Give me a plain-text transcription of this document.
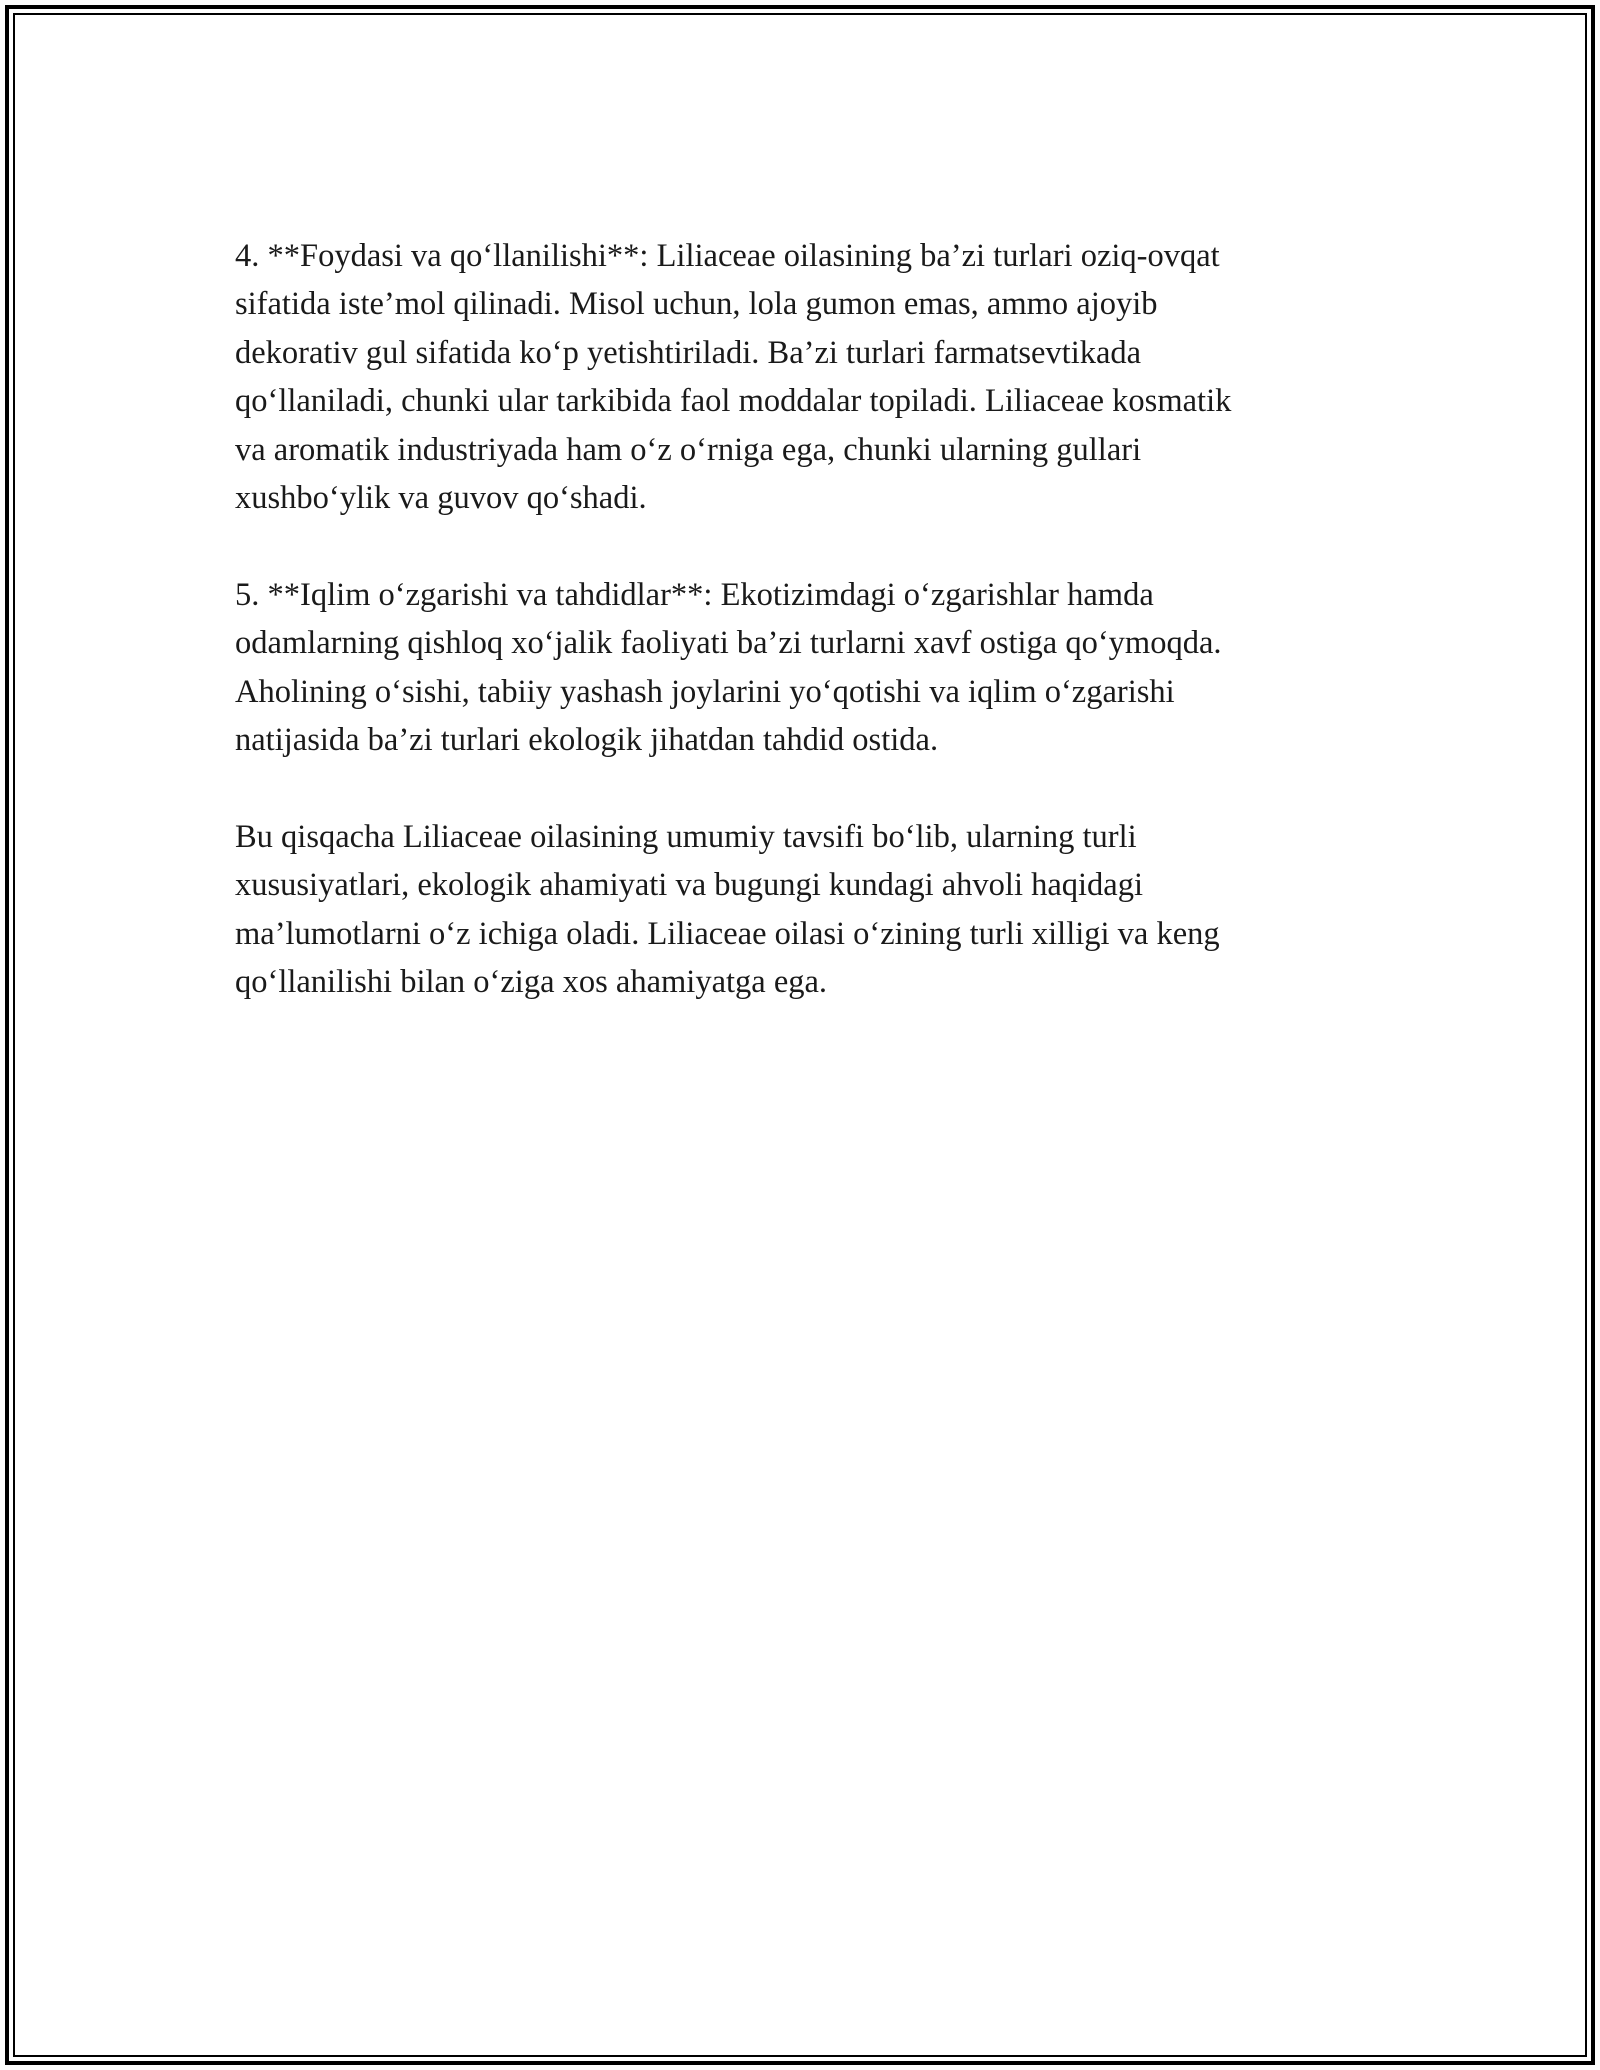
4. **Foydasi va qo‘llanilishi**: Liliaceae oilasining ba’zi turlari oziq-ovqat
sifatida iste’mol qilinadi. Misol uchun, lola gumon emas, ammo ajoyib
dekorativ gul sifatida ko‘p yetishtiriladi. Ba’zi turlari farmatsevtikada
qo‘llaniladi, chunki ular tarkibida faol moddalar topiladi. Liliaceae kosmatik
va aromatik industriyada ham o‘z o‘rniga ega, chunki ularning gullari
xushbo‘ylik va guvov qo‘shadi.

5. **Iqlim o‘zgarishi va tahdidlar**: Ekotizimdagi o‘zgarishlar hamda
odamlarning qishloq xo‘jalik faoliyati ba’zi turlarni xavf ostiga qo‘ymoqda.
Aholining o‘sishi, tabiiy yashash joylarini yo‘qotishi va iqlim o‘zgarishi
natijasida ba’zi turlari ekologik jihatdan tahdid ostida.

Bu qisqacha Liliaceae oilasining umumiy tavsifi bo‘lib, ularning turli
xususiyatlari, ekologik ahamiyati va bugungi kundagi ahvoli haqidagi
ma’lumotlarni o‘z ichiga oladi. Liliaceae oilasi o‘zining turli xilligi va keng
qo‘llanilishi bilan o‘ziga xos ahamiyatga ega.
